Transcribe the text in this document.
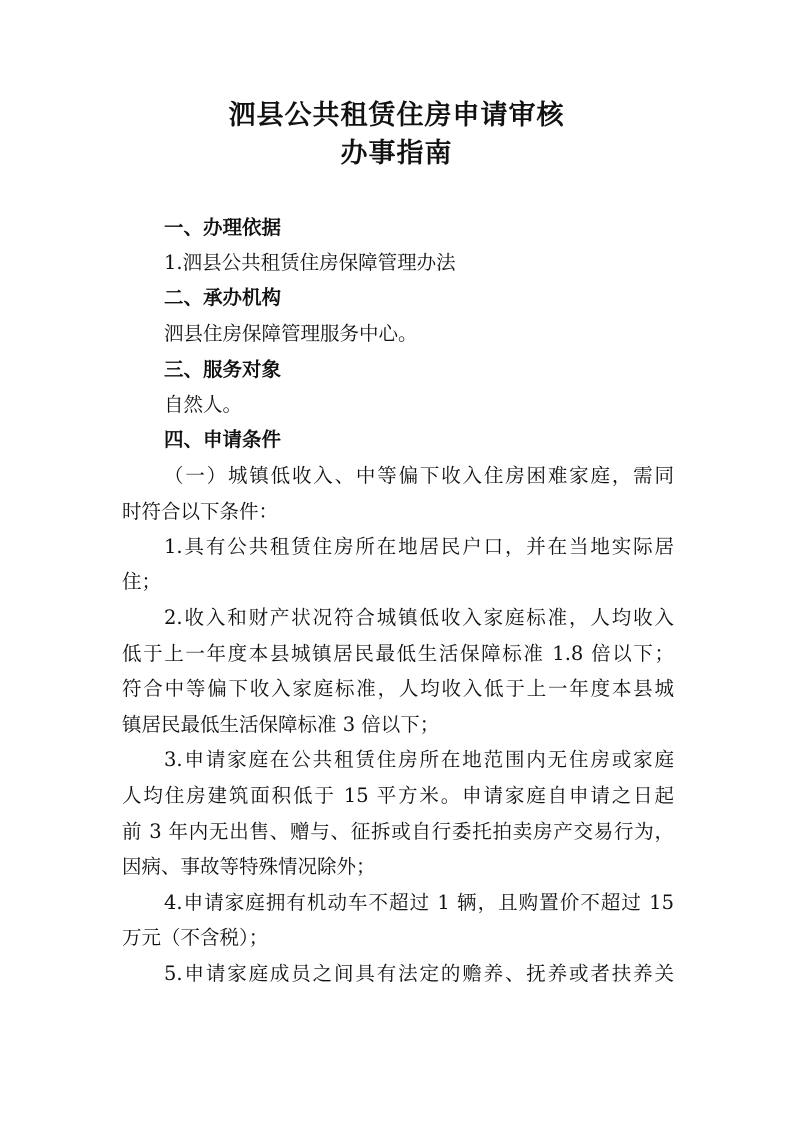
泗县公共租赁住房申请审核
办事指南

一、办理依据

1.泗县公共租赁住房保障管理办法

二、承办机构

泗县住房保障管理服务中心。

三、服务对象

自然人。

四、申请条件

（一）城镇低收入、中等偏下收入住房困难家庭，需同

时符合以下条件：

1.具有公共租赁住房所在地居民户口，并在当地实际居

住；

2.收入和财产状况符合城镇低收入家庭标准，人均收入

低于上一年度本县城镇居民最低生活保障标准 1.8 倍以下；

符合中等偏下收入家庭标准，人均收入低于上一年度本县城

镇居民最低生活保障标准 3 倍以下；

3.申请家庭在公共租赁住房所在地范围内无住房或家庭

人均住房建筑面积低于 15 平方米。申请家庭自申请之日起

前 3 年内无出售、赠与、征拆或自行委托拍卖房产交易行为，

因病、事故等特殊情况除外；

4.申请家庭拥有机动车不超过 1 辆，且购置价不超过 15

万元（不含税）；

5.申请家庭成员之间具有法定的赡养、抚养或者扶养关
